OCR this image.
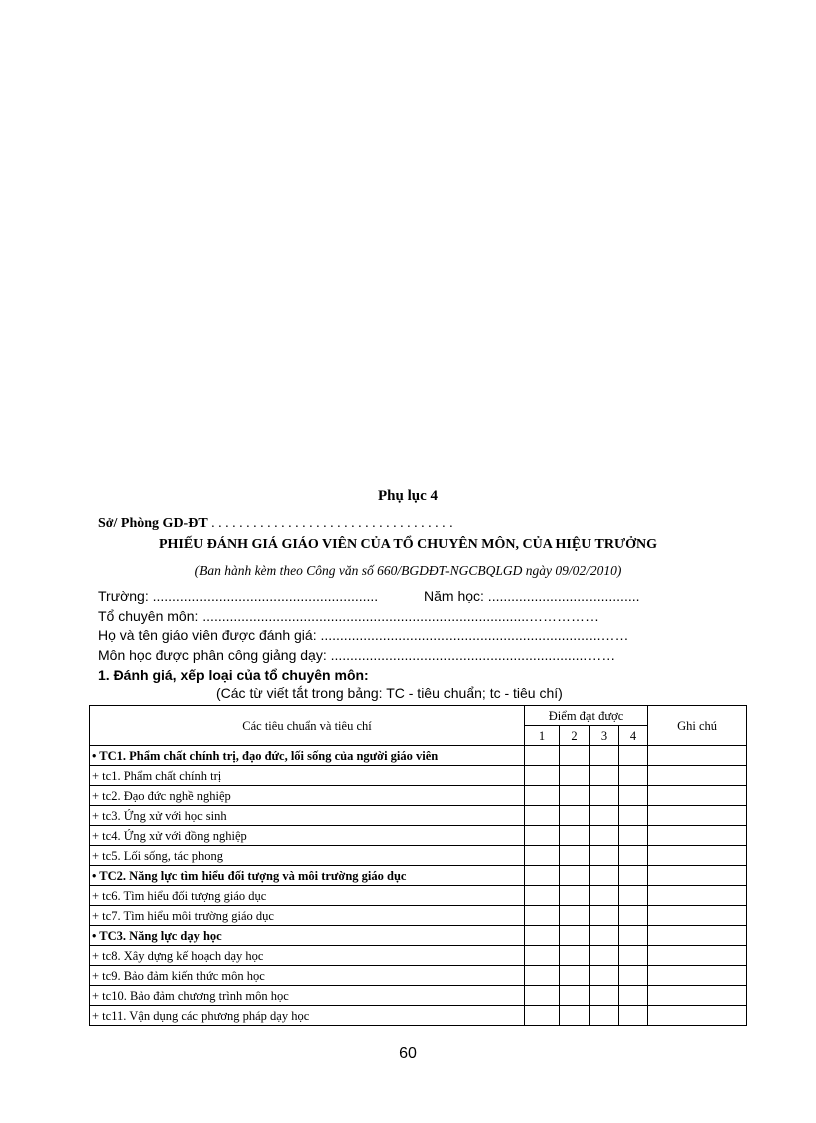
Phụ lục 4
Sở/ Phòng GD-ĐT . . . . . . . . . . . . . . . . . . . . . . . . . . . . . . . . . . .
PHIẾU ĐÁNH GIÁ GIÁO VIÊN CỦA TỔ CHUYÊN MÔN, CỦA HIỆU TRƯỞNG
(Ban hành kèm theo Công văn số 660/BGDĐT-NGCBQLGD ngày 09/02/2010)
Trường: ..........................................................	Năm học: .......................................
Tổ chuyên môn: ....................................................................................……………
Họ và tên giáo viên được đánh giá: ........................................................................……
Môn học được phân công giảng dạy: ..................................................................……
1. Đánh giá, xếp loại của tổ chuyên môn:
(Các từ viết tắt trong bảng: TC - tiêu chuẩn; tc - tiêu chí)
Các tiêu chuẩn và tiêu chí	Điểm đạt được				Ghi chú
	1	2	3	4	
• TC1. Phẩm chất chính trị, đạo đức, lối sống của người giáo viên					
+ tc1. Phẩm chất chính trị					
+ tc2. Đạo đức nghề nghiệp					
+ tc3. Ứng xử với học sinh					
+ tc4. Ứng xử với đồng nghiệp					
+ tc5. Lối sống, tác phong					
• TC2. Năng lực tìm hiểu đối tượng và môi trường giáo dục					
+ tc6. Tìm hiểu đối tượng giáo dục					
+ tc7. Tìm hiểu môi trường giáo dục					
• TC3. Năng lực dạy học					
+ tc8. Xây dựng kế hoạch dạy học					
+ tc9. Bảo đảm kiến thức môn học					
+ tc10. Bảo đảm chương trình môn học					
+ tc11. Vận dụng các phương pháp dạy học					
60
